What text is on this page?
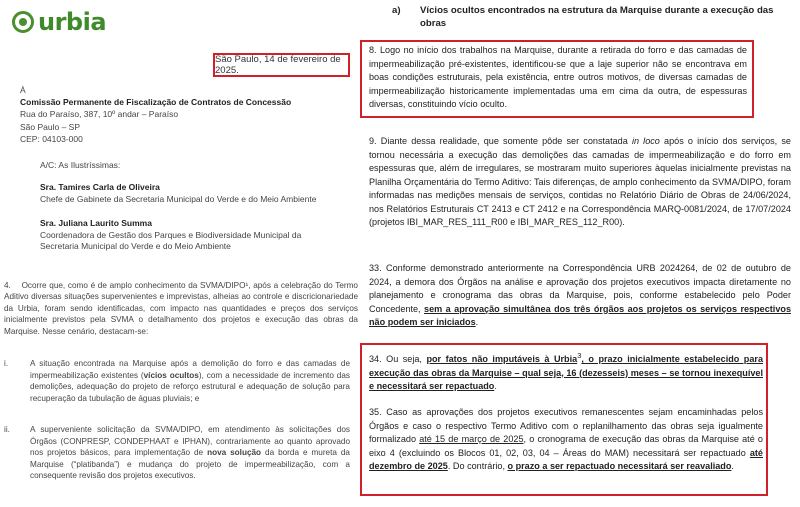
urbia
São Paulo, 14 de fevereiro de 2025.
À
Comissão Permanente de Fiscalização de Contratos de Concessão
Rua do Paraíso, 387, 10º andar – Paraíso
São Paulo – SP
CEP: 04103-000
A/C: As Ilustríssimas:
Sra. Tamires Carla de Oliveira
Chefe de Gabinete da Secretaria Municipal do Verde e do Meio Ambiente
Sra. Juliana Laurito Summa
Coordenadora de Gestão dos Parques e Biodiversidade Municipal da Secretaria Municipal do Verde e do Meio Ambiente
4. Ocorre que, como é de amplo conhecimento da SVMA/DIPO¹, após a celebração do Termo Aditivo diversas situações supervenientes e imprevistas, alheias ao controle e discricionariedade da Urbia, foram sendo identificadas, com impacto nas quantidades e preços dos serviços inicialmente previstos pela SVMA o detalhamento dos projetos e execução das obras da Marquise. Nesse cenário, destacam-se:
i.	A situação encontrada na Marquise após a demolição do forro e das camadas de impermeabilização existentes (vícios ocultos), com a necessidade de incremento das demolições, adequação do projeto de reforço estrutural e adequação de solução para recuperação da tubulação de águas pluviais; e
ii. A superveniente solicitação da SVMA/DIPO, em atendimento às solicitações dos Órgãos (CONPRESP, CONDEPHAAT e IPHAN), contrariamente ao quanto aprovado nos projetos básicos, para implementação de nova solução da borda e mureta da Marquise (“platibanda”) e mudança do projeto de impermeabilização, com a consequente revisão dos projetos executivos.
a)	Vícios ocultos encontrados na estrutura da Marquise durante a execução das obras
8. Logo no início dos trabalhos na Marquise, durante a retirada do forro e das camadas de impermeabilização pré-existentes, identificou-se que a laje superior não se encontrava em boas condições estruturais, pela existência, entre outros motivos, de diversas camadas de impermeabilização historicamente implementadas uma em cima da outra, de espessuras diversas, constituindo vício oculto.
9. Diante dessa realidade, que somente pôde ser constatada in loco após o início dos serviços, se tornou necessária a execução das demolições das camadas de impermeabilização e do forro em espessuras que, além de irregulares, se mostraram muito superiores àquelas inicialmente previstas na Planilha Orçamentária do Termo Aditivo: Tais diferenças, de amplo conhecimento da SVMA/DIPO, foram informadas nas medições mensais de serviços, contidas no Relatório Diário de Obras de 24/06/2024, nos Relatórios Estruturais CT 2413 e CT 2412 e na Correspondência MARQ-0081/2024, de 17/07/2024 (projetos IBI_MAR_RES_111_R00 e IBI_MAR_RES_112_R00).
33. Conforme demonstrado anteriormente na Correspondência URB 2024264, de 02 de outubro de 2024, a demora dos Órgãos na análise e aprovação dos projetos executivos impacta diretamente no planejamento e cronograma das obras da Marquise, pois, conforme estabelecido pelo Poder Concedente, sem a aprovação simultânea dos três órgãos aos projetos os serviços respectivos não podem ser iniciados.
34. Ou seja, por fatos não imputáveis à Urbia$^3$, o prazo inicialmente estabelecido para execução das obras da Marquise – qual seja, 16 (dezesseis) meses – se tornou inexequível e necessitará ser repactuado.
35. Caso as aprovações dos projetos executivos remanescentes sejam encaminhadas pelos Órgãos e caso o respectivo Termo Aditivo com o replanilhamento das obras seja igualmente formalizado até 15 de março de 2025, o cronograma de execução das obras da Marquise até o eixo 4 (excluindo os Blocos 01, 02, 03, 04 – Áreas do MAM) necessitará ser repactuado até dezembro de 2025. Do contrário, o prazo a ser repactuado necessitará ser reavaliado.
